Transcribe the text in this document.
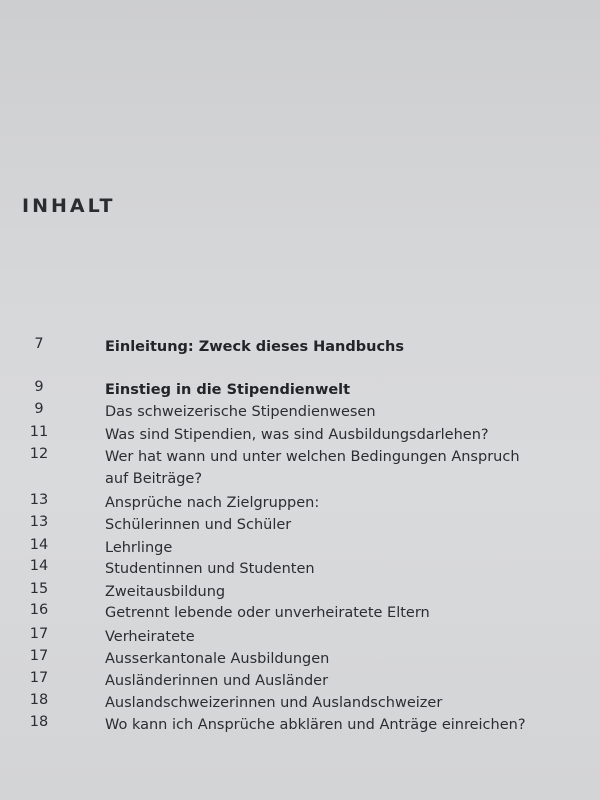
INHALT
7	Einleitung: Zweck dieses Handbuchs
9	Einstieg in die Stipendienwelt
9	Das schweizerische Stipendienwesen
11	Was sind Stipendien, was sind Ausbildungsdarlehen?
12	Wer hat wann und unter welchen Bedingungen Anspruch auf Beiträge?
13	Ansprüche nach Zielgruppen:
13	Schülerinnen und Schüler
14	Lehrlinge
14	Studentinnen und Studenten
15	Zweitausbildung
16	Getrennt lebende oder unverheiratete Eltern
17	Verheiratete
17	Ausserkantonale Ausbildungen
17	Ausländerinnen und Ausländer
18	Auslandschweizerinnen und Auslandschweizer
18	Wo kann ich Ansprüche abklären und Anträge einreichen?
